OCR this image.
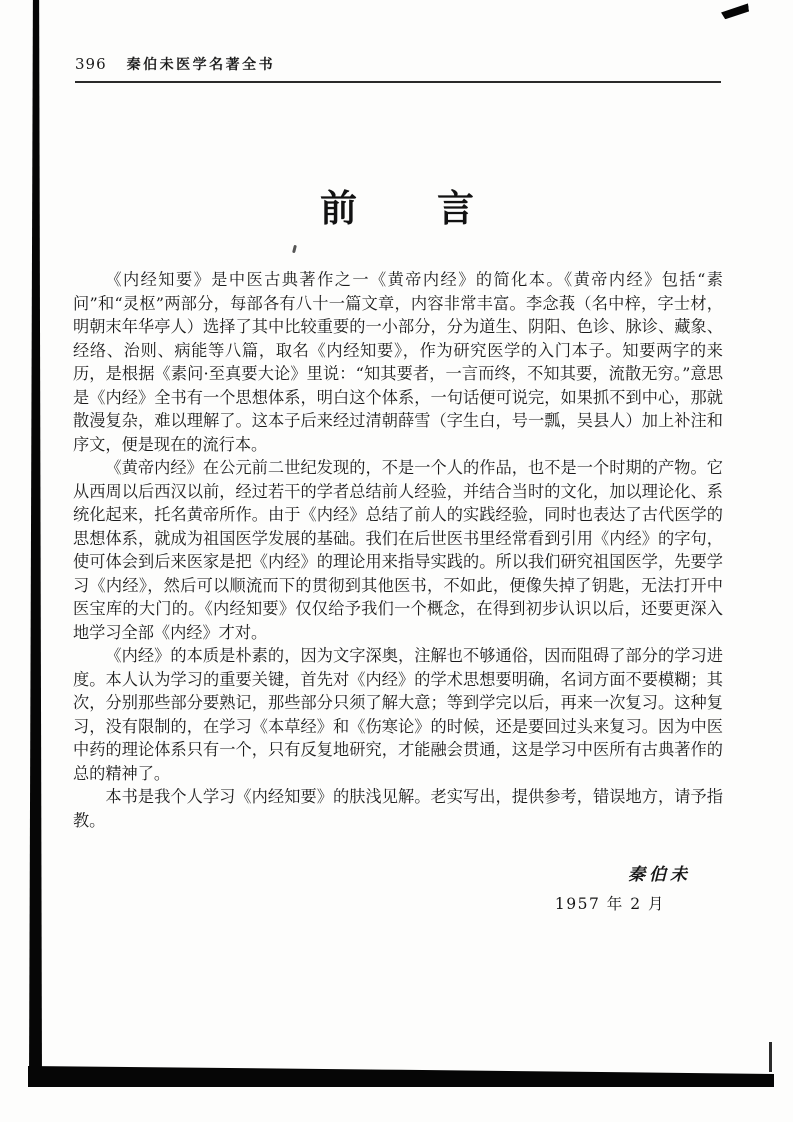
396 秦伯未医学名著全书
前　　言

《内经知要》是中医古典著作之一《黄帝内经》的简化本。《黄帝内经》包括“素问”和“灵枢”两部分，每部各有八十一篇文章，内容非常丰富。李念莪（名中梓，字士材，明朝末年华亭人）选择了其中比较重要的一小部分，分为道生、阴阳、色诊、脉诊、藏象、经络、治则、病能等八篇，取名《内经知要》，作为研究医学的入门本子。知要两字的来历，是根据《素问·至真要大论》里说：“知其要者，一言而终，不知其要，流散无穷。”意思是《内经》全书有一个思想体系，明白这个体系，一句话便可说完，如果抓不到中心，那就散漫复杂，难以理解了。这本子后来经过清朝薛雪（字生白，号一瓢，吴县人）加上补注和序文，便是现在的流行本。

《黄帝内经》在公元前二世纪发现的，不是一个人的作品，也不是一个时期的产物。它从西周以后西汉以前，经过若干的学者总结前人经验，并结合当时的文化，加以理论化、系统化起来，托名黄帝所作。由于《内经》总结了前人的实践经验，同时也表达了古代医学的思想体系，就成为祖国医学发展的基础。我们在后世医书里经常看到引用《内经》的字句，使可体会到后来医家是把《内经》的理论用来指导实践的。所以我们研究祖国医学，先要学习《内经》，然后可以顺流而下的贯彻到其他医书，不如此，便像失掉了钥匙，无法打开中医宝库的大门的。《内经知要》仅仅给予我们一个概念，在得到初步认识以后，还要更深入地学习全部《内经》才对。

《内经》的本质是朴素的，因为文字深奥，注解也不够通俗，因而阻碍了部分的学习进度。本人认为学习的重要关键，首先对《内经》的学术思想要明确，名词方面不要模糊；其次，分别那些部分要熟记，那些部分只须了解大意；等到学完以后，再来一次复习。这种复习，没有限制的，在学习《本草经》和《伤寒论》的时候，还是要回过头来复习。因为中医中药的理论体系只有一个，只有反复地研究，才能融会贯通，这是学习中医所有古典著作的总的精神了。

本书是我个人学习《内经知要》的肤浅见解。老实写出，提供参考，错误地方，请予指教。

秦伯未
1957 年 2 月
